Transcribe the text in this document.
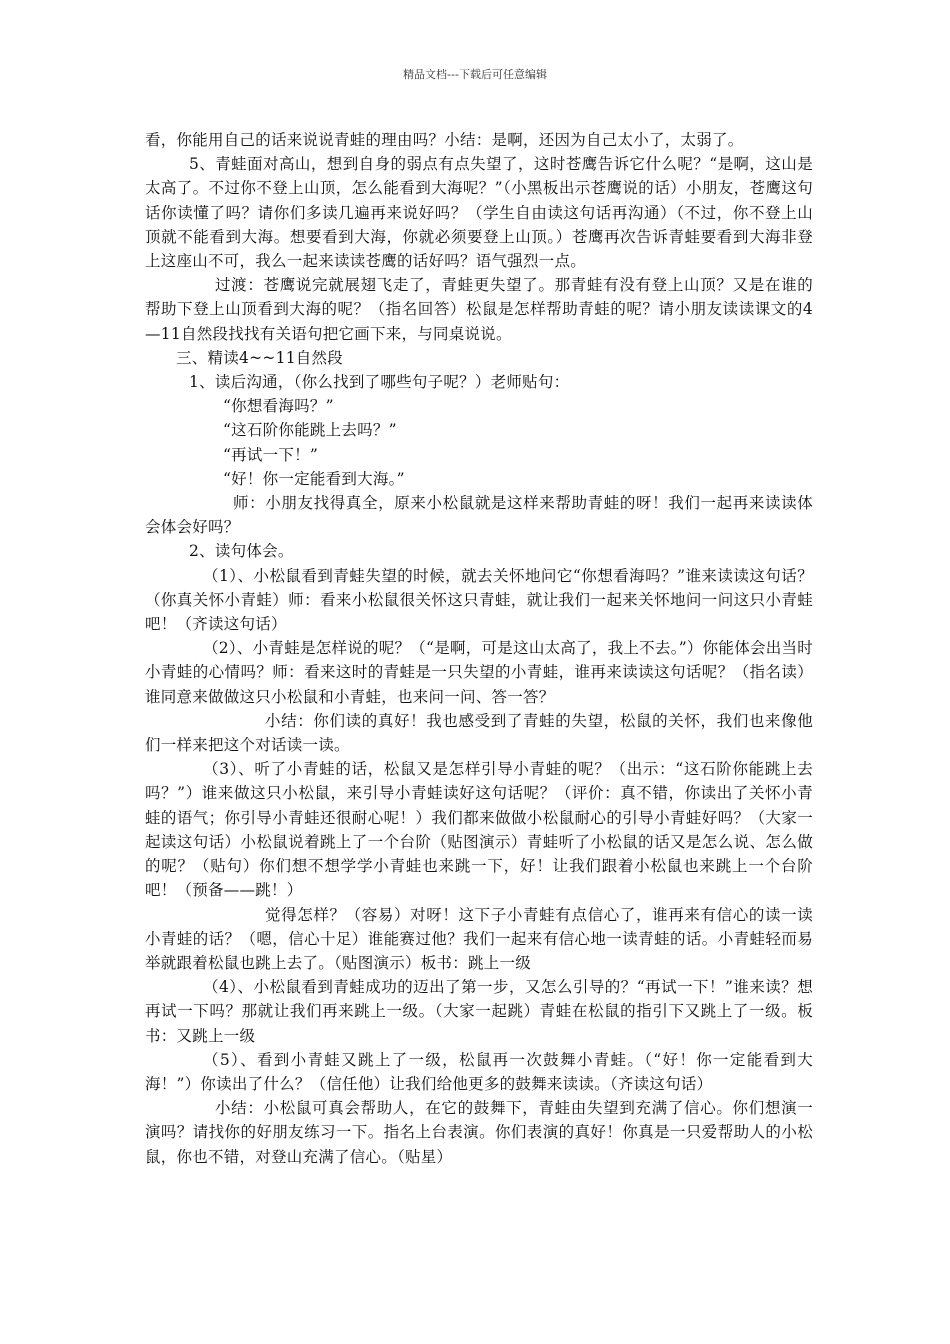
精品文档---下载后可任意编辑

看，你能用自己的话来说说青蛙的理由吗？小结：是啊，还因为自己太小了，太弱了。

5、青蛙面对高山，想到自身的弱点有点失望了，这时苍鹰告诉它什么呢？“是啊，这山是太高了。不过你不登上山顶，怎么能看到大海呢？”（小黑板出示苍鹰说的话）小朋友，苍鹰这句话你读懂了吗？请你们多读几遍再来说好吗？（学生自由读这句话再沟通）（不过，你不登上山顶就不能看到大海。想要看到大海，你就必须要登上山顶。）苍鹰再次告诉青蛙要看到大海非登上这座山不可，我么一起来读读苍鹰的话好吗？语气强烈一点。

过渡：苍鹰说完就展翅飞走了，青蛙更失望了。那青蛙有没有登上山顶？又是在谁的帮助下登上山顶看到大海的呢？（指名回答）松鼠是怎样帮助青蛙的呢？请小朋友读读课文的4—11自然段找找有关语句把它画下来，与同桌说说。

三、精读4~~11自然段

1、读后沟通，（你么找到了哪些句子呢？）老师贴句：

“你想看海吗？”

“这石阶你能跳上去吗？”

“再试一下！”

“好！你一定能看到大海。”

师：小朋友找得真全，原来小松鼠就是这样来帮助青蛙的呀！我们一起再来读读体会体会好吗？

2、读句体会。

（1）、小松鼠看到青蛙失望的时候，就去关怀地问它“你想看海吗？”谁来读读这句话？（你真关怀小青蛙）师：看来小松鼠很关怀这只青蛙，就让我们一起来关怀地问一问这只小青蛙吧！（齐读这句话）

（2）、小青蛙是怎样说的呢？（“是啊，可是这山太高了，我上不去。”）你能体会出当时小青蛙的心情吗？师：看来这时的青蛙是一只失望的小青蛙，谁再来读读这句话呢？（指名读）谁同意来做做这只小松鼠和小青蛙，也来问一问、答一答？

小结：你们读的真好！我也感受到了青蛙的失望，松鼠的关怀，我们也来像他们一样来把这个对话读一读。

（3）、听了小青蛙的话，松鼠又是怎样引导小青蛙的呢？（出示：“这石阶你能跳上去吗？”）谁来做这只小松鼠，来引导小青蛙读好这句话呢？（评价：真不错，你读出了关怀小青蛙的语气；你引导小青蛙还很耐心呢！）我们都来做做小松鼠耐心的引导小青蛙好吗？（大家一起读这句话）小松鼠说着跳上了一个台阶（贴图演示）青蛙听了小松鼠的话又是怎么说、怎么做的呢？（贴句）你们想不想学学小青蛙也来跳一下，好！让我们跟着小松鼠也来跳上一个台阶吧！（预备——跳！）

觉得怎样？（容易）对呀！这下子小青蛙有点信心了，谁再来有信心的读一读小青蛙的话？（嗯，信心十足）谁能赛过他？我们一起来有信心地一读青蛙的话。小青蛙轻而易举就跟着松鼠也跳上去了。（贴图演示）板书：跳上一级

（4）、小松鼠看到青蛙成功的迈出了第一步，又怎么引导的？“再试一下！”谁来读？想再试一下吗？那就让我们再来跳上一级。（大家一起跳）青蛙在松鼠的指引下又跳上了一级。板书：又跳上一级

（5）、看到小青蛙又跳上了一级，松鼠再一次鼓舞小青蛙。（“好！你一定能看到大海！”）你读出了什么？（信任他）让我们给他更多的鼓舞来读读。（齐读这句话）

小结：小松鼠可真会帮助人，在它的鼓舞下，青蛙由失望到充满了信心。你们想演一演吗？请找你的好朋友练习一下。指名上台表演。你们表演的真好！你真是一只爱帮助人的小松鼠，你也不错，对登山充满了信心。（贴星）
